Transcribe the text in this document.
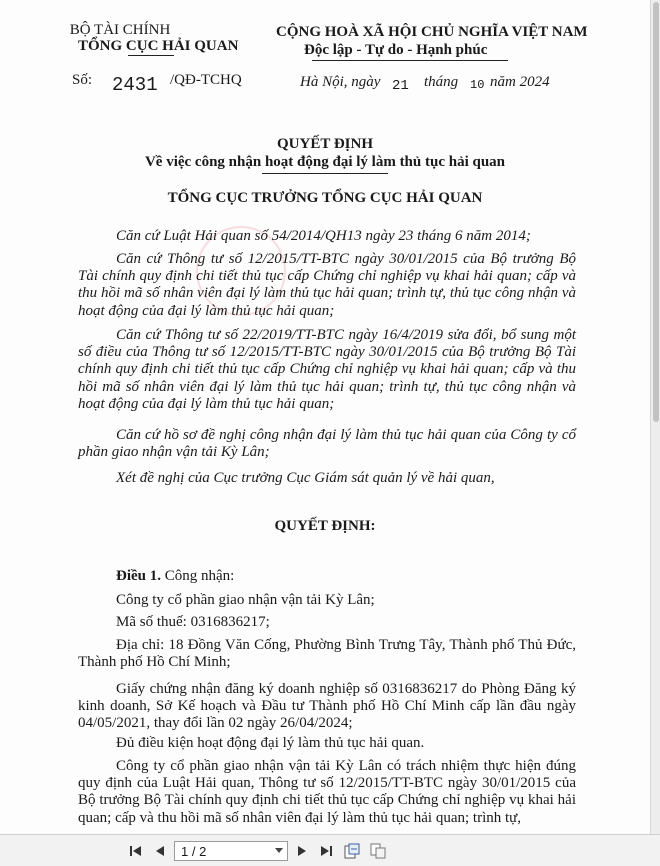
BỘ TÀI CHÍNH
TỔNG CỤC HẢI QUAN
CỘNG HOÀ XÃ HỘI CHỦ NGHĨA VIỆT NAM
Độc lập - Tự do - Hạnh phúc
Số: 2431 /QĐ-TCHQ	Hà Nội, ngày 21 tháng 10 năm 2024
QUYẾT ĐỊNH
Về việc công nhận hoạt động đại lý làm thủ tục hải quan
TỔNG CỤC TRƯỞNG TỔNG CỤC HẢI QUAN
Căn cứ Luật Hải quan số 54/2014/QH13 ngày 23 tháng 6 năm 2014;
Căn cứ Thông tư số 12/2015/TT-BTC ngày 30/01/2015 của Bộ trưởng Bộ Tài chính quy định chi tiết thủ tục cấp Chứng chỉ nghiệp vụ khai hải quan; cấp và thu hồi mã số nhân viên đại lý làm thủ tục hải quan; trình tự, thủ tục công nhận và hoạt động của đại lý làm thủ tục hải quan;
Căn cứ Thông tư số 22/2019/TT-BTC ngày 16/4/2019 sửa đổi, bổ sung một số điều của Thông tư số 12/2015/TT-BTC ngày 30/01/2015 của Bộ trưởng Bộ Tài chính quy định chi tiết thủ tục cấp Chứng chỉ nghiệp vụ khai hải quan; cấp và thu hồi mã số nhân viên đại lý làm thủ tục hải quan; trình tự, thủ tục công nhận và hoạt động của đại lý làm thủ tục hải quan;
Căn cứ hồ sơ đề nghị công nhận đại lý làm thủ tục hải quan của Công ty cổ phần giao nhận vận tải Kỳ Lân;
Xét đề nghị của Cục trưởng Cục Giám sát quản lý về hải quan,
QUYẾT ĐỊNH:
Điều 1. Công nhận:
Công ty cổ phần giao nhận vận tải Kỳ Lân;
Mã số thuế: 0316836217;
Địa chỉ: 18 Đồng Văn Cống, Phường Bình Trưng Tây, Thành phố Thủ Đức, Thành phố Hồ Chí Minh;
Giấy chứng nhận đăng ký doanh nghiệp số 0316836217 do Phòng Đăng ký kinh doanh, Sở Kế hoạch và Đầu tư Thành phố Hồ Chí Minh cấp lần đầu ngày 04/05/2021, thay đổi lần 02 ngày 26/04/2024;
Đủ điều kiện hoạt động đại lý làm thủ tục hải quan.
Công ty cổ phần giao nhận vận tải Kỳ Lân có trách nhiệm thực hiện đúng quy định của Luật Hải quan, Thông tư số 12/2015/TT-BTC ngày 30/01/2015 của Bộ trưởng Bộ Tài chính quy định chi tiết thủ tục cấp Chứng chỉ nghiệp vụ khai hải quan; cấp và thu hồi mã số nhân viên đại lý làm thủ tục hải quan; trình tự,
1 / 2
